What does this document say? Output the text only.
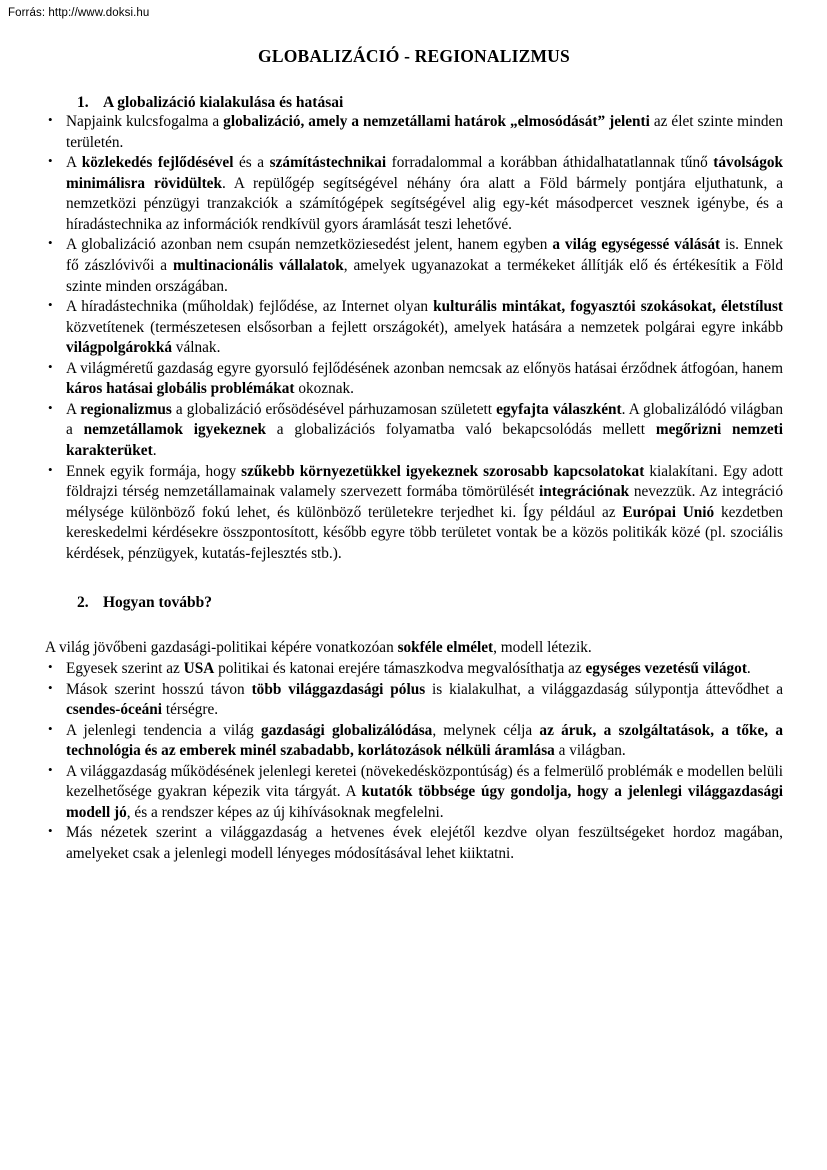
Forrás: http://www.doksi.hu
GLOBALIZÁCIÓ - REGIONALIZMUS
1. A globalizáció kialakulása és hatásai
• Napjaink kulcsfogalma a globalizáció, amely a nemzetállami határok „elmosódását” jelenti az élet szinte minden területén.
• A közlekedés fejlődésével és a számítástechnikai forradalommal a korábban áthidalhatatlannak tűnő távolságok minimálisra rövidültek. A repülőgép segítségével néhány óra alatt a Föld bármely pontjára eljuthatunk, a nemzetközi pénzügyi tranzakciók a számítógépek segítségével alig egy-két másodpercet vesznek igénybe, és a híradástechnika az információk rendkívül gyors áramlását teszi lehetővé.
• A globalizáció azonban nem csupán nemzetköziesedést jelent, hanem egyben a világ egységessé válását is. Ennek fő zászlóvivői a multinacionális vállalatok, amelyek ugyanazokat a termékeket állítják elő és értékesítik a Föld szinte minden országában.
• A híradástechnika (műholdak) fejlődése, az Internet olyan kulturális mintákat, fogyasztói szokásokat, életstílust közvetítenek (természetesen elsősorban a fejlett országokét), amelyek hatására a nemzetek polgárai egyre inkább világpolgárokká válnak.
• A világméretű gazdaság egyre gyorsuló fejlődésének azonban nemcsak az előnyös hatásai érződnek átfogóan, hanem káros hatásai globális problémákat okoznak.
• A regionalizmus a globalizáció erősödésével párhuzamosan született egyfajta válaszként. A globalizálódó világban a nemzetállamok igyekeznek a globalizációs folyamatba való bekapcsolódás mellett megőrizni nemzeti karakterüket.
• Ennek egyik formája, hogy szűkebb környezetükkel igyekeznek szorosabb kapcsolatokat kialakítani. Egy adott földrajzi térség nemzetállamainak valamely szervezett formába tömörülését integrációnak nevezzük. Az integráció mélysége különböző fokú lehet, és különböző területekre terjedhet ki. Így például az Európai Unió kezdetben kereskedelmi kérdésekre összpontosított, később egyre több területet vontak be a közös politikák közé (pl. szociális kérdések, pénzügyek, kutatás-fejlesztés stb.).
2. Hogyan tovább?

A világ jövőbeni gazdasági-politikai képére vonatkozóan sokféle elmélet, modell létezik.

• Egyesek szerint az USA politikai és katonai erejére támaszkodva megvalósíthatja az egységes vezetésű világot.
• Mások szerint hosszú távon több világgazdasági pólus is kialakulhat, a világgazdaság súlypontja áttevődhet a csendes-óceáni térségre.
• A jelenlegi tendencia a világ gazdasági globalizálódása, melynek célja az áruk, a szolgáltatások, a tőke, a technológia és az emberek minél szabadabb, korlátozások nélküli áramlása a világban.
• A világgazdaság működésének jelenlegi keretei (növekedésközpontúság) és a felmerülő problémák e modellen belüli kezelhetősége gyakran képezik vita tárgyát. A kutatók többsége úgy gondolja, hogy a jelenlegi világgazdasági modell jó, és a rendszer képes az új kihívásoknak megfelelni.
• Más nézetek szerint a világgazdaság a hetvenes évek elejétől kezdve olyan feszültségeket hordoz magában, amelyeket csak a jelenlegi modell lényeges módosításával lehet kiiktatni.
